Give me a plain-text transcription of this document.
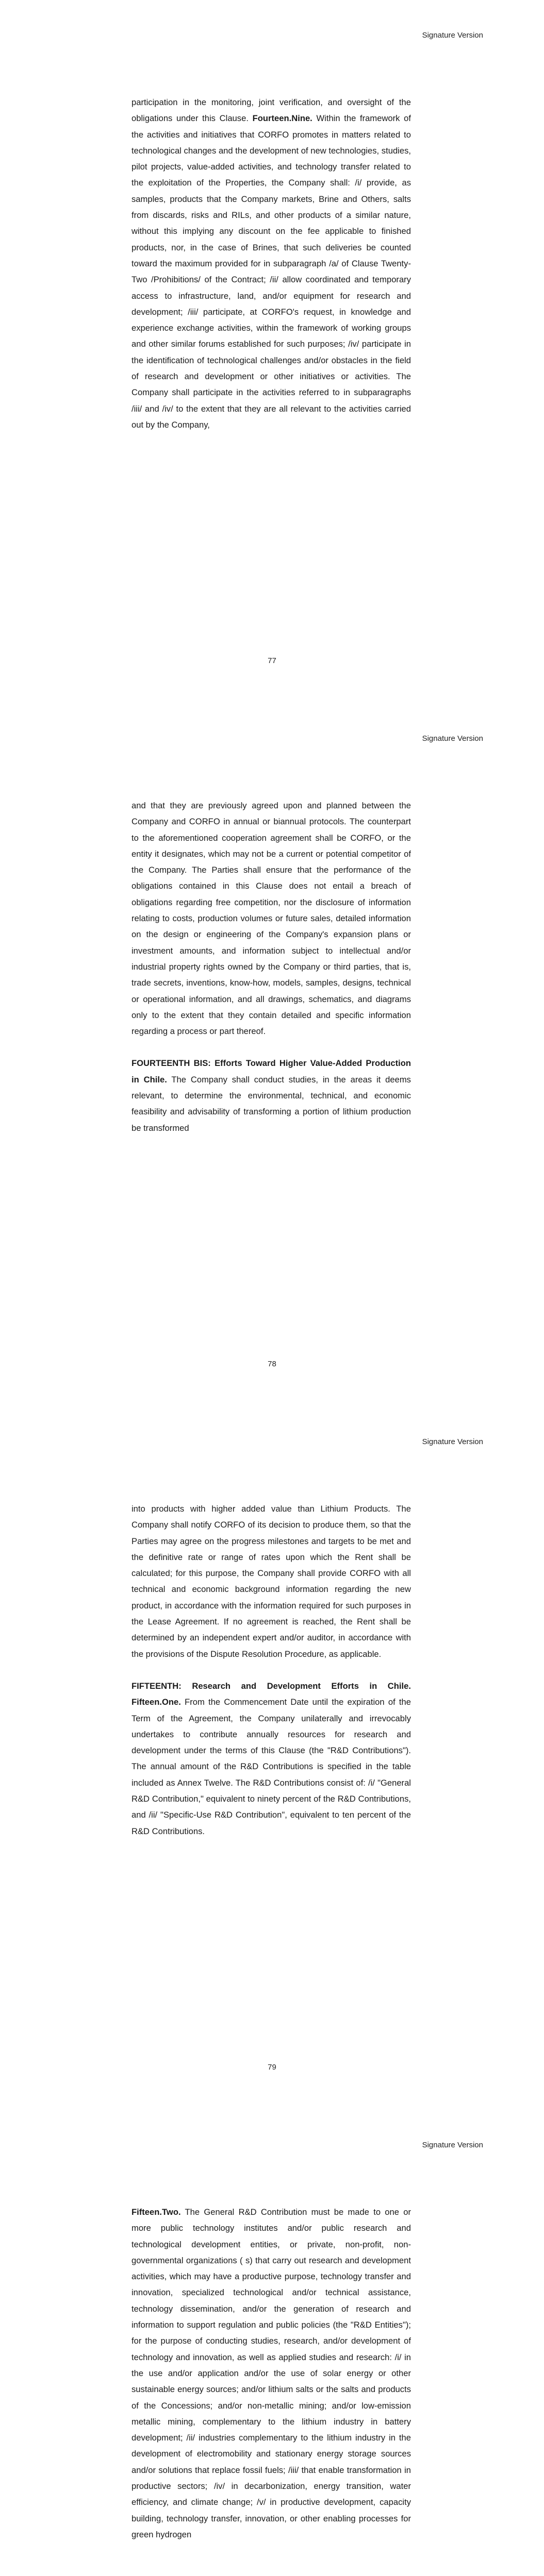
Signature Version

participation in the monitoring, joint verification, and oversight of the obligations under this Clause. Fourteen.Nine. Within the framework of the activities and initiatives that CORFO promotes in matters related to technological changes and the development of new technologies, studies, pilot projects, value-added activities, and technology transfer related to the exploitation of the Properties, the Company shall: /i/ provide, as samples, products that the Company markets, Brine and Others, salts from discards, risks and RILs, and other products of a similar nature, without this implying any discount on the fee applicable to finished products, nor, in the case of Brines, that such deliveries be counted toward the maximum provided for in subparagraph /a/ of Clause Twenty-Two /Prohibitions/ of the Contract; /ii/ allow coordinated and temporary access to infrastructure, land, and/or equipment for research and development; /iii/ participate, at CORFO's request, in knowledge and experience exchange activities, within the framework of working groups and other similar forums established for such purposes; /iv/ participate in the identification of technological challenges and/or obstacles in the field of research and development or other initiatives or activities. The Company shall participate in the activities referred to in subparagraphs /iii/ and /iv/ to the extent that they are all relevant to the activities carried out by the Company,

77
Signature Version

and that they are previously agreed upon and planned between the Company and CORFO in annual or biannual protocols. The counterpart to the aforementioned cooperation agreement shall be CORFO, or the entity it designates, which may not be a current or potential competitor of the Company. The Parties shall ensure that the performance of the obligations contained in this Clause does not entail a breach of obligations regarding free competition, nor the disclosure of information relating to costs, production volumes or future sales, detailed information on the design or engineering of the Company's expansion plans or investment amounts, and information subject to intellectual and/or industrial property rights owned by the Company or third parties, that is, trade secrets, inventions, know-how, models, samples, designs, technical or operational information, and all drawings, schematics, and diagrams only to the extent that they contain detailed and specific information regarding a process or part thereof.

FOURTEENTH BIS: Efforts Toward Higher Value-Added Production in Chile. The Company shall conduct studies, in the areas it deems relevant, to determine the environmental, technical, and economic feasibility and advisability of transforming a portion of lithium production be transformed

78
Signature Version

into products with higher added value than Lithium Products. The Company shall notify CORFO of its decision to produce them, so that the Parties may agree on the progress milestones and targets to be met and the definitive rate or range of rates upon which the Rent shall be calculated; for this purpose, the Company shall provide CORFO with all technical and economic background information regarding the new product, in accordance with the information required for such purposes in the Lease Agreement. If no agreement is reached, the Rent shall be determined by an independent expert and/or auditor, in accordance with the provisions of the Dispute Resolution Procedure, as applicable.

FIFTEENTH: Research and Development Efforts in Chile. Fifteen.One. From the Commencement Date until the expiration of the Term of the Agreement, the Company unilaterally and irrevocably undertakes to contribute annually resources for research and development under the terms of this Clause (the "R&D Contributions"). The annual amount of the R&D Contributions is specified in the table included as Annex Twelve. The R&D Contributions consist of: /i/ "General R&D Contribution," equivalent to ninety percent of the R&D Contributions, and /ii/ "Specific-Use R&D Contribution", equivalent to ten percent of the R&D Contributions.

79
Signature Version

Fifteen.Two. The General R&D Contribution must be made to one or more public technology institutes and/or public research and technological development entities, or private, non-profit, non-governmental organizations ( s) that carry out research and development activities, which may have a productive purpose, technology transfer and innovation, specialized technological and/or technical assistance, technology dissemination, and/or the generation of research and information to support regulation and public policies (the "R&D Entities"); for the purpose of conducting studies, research, and/or development of technology and innovation, as well as applied studies and research: /i/ in the use and/or application and/or the use of solar energy or other sustainable energy sources; and/or lithium salts or the salts and products of the Concessions; and/or non-metallic mining; and/or low-emission metallic mining, complementary to the lithium industry in battery development; /ii/ industries complementary to the lithium industry in the development of electromobility and stationary energy storage sources and/or solutions that replace fossil fuels; /iii/ that enable transformation in productive sectors; /iv/ in decarbonization, energy transition, water efficiency, and climate change; /v/ in productive development, capacity building, technology transfer, innovation, or other enabling processes for green hydrogen
